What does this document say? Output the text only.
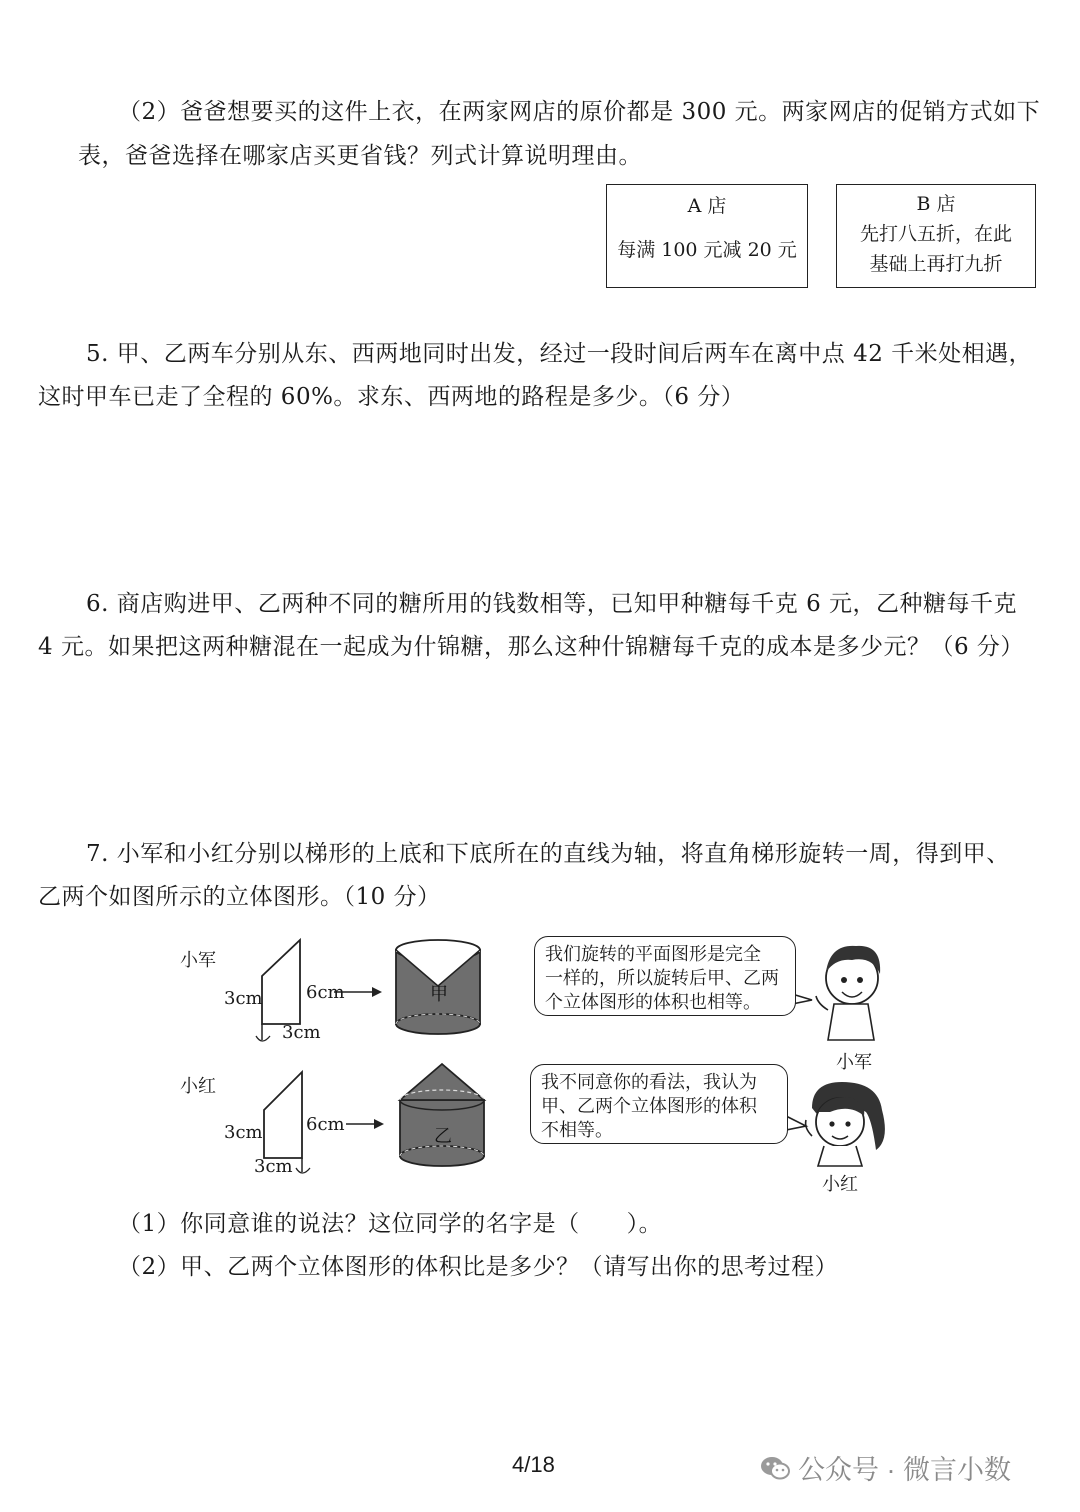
（2）爸爸想要买的这件上衣，在两家网店的原价都是 300 元。两家网店的促销方式如下
表，爸爸选择在哪家店买更省钱？列式计算说明理由。
A 店
每满 100 元减 20 元
B 店
先打八五折，在此
基础上再打九折
5. 甲、乙两车分别从东、西两地同时出发，经过一段时间后两车在离中点 42 千米处相遇，
这时甲车已走了全程的 60%。求东、西两地的路程是多少。（6 分）
6. 商店购进甲、乙两种不同的糖所用的钱数相等，已知甲种糖每千克 6 元，乙种糖每千克
4 元。如果把这两种糖混在一起成为什锦糖，那么这种什锦糖每千克的成本是多少元？（6 分）
7. 小军和小红分别以梯形的上底和下底所在的直线为轴，将直角梯形旋转一周，得到甲、
乙两个如图所示的立体图形。（10 分）
小军
小红
3cm 6cm
3cm
3cm 6cm
3cm
甲
乙
我们旋转的平面图形是完全
一样的，所以旋转后甲、乙两
个立体图形的体积也相等。
我不同意你的看法，我认为
甲、乙两个立体图形的体积
不相等。
小军
小红
（1）你同意谁的说法？这位同学的名字是（　　）。
（2）甲、乙两个立体图形的体积比是多少？（请写出你的思考过程）
4/18	公众号 · 微言小数
